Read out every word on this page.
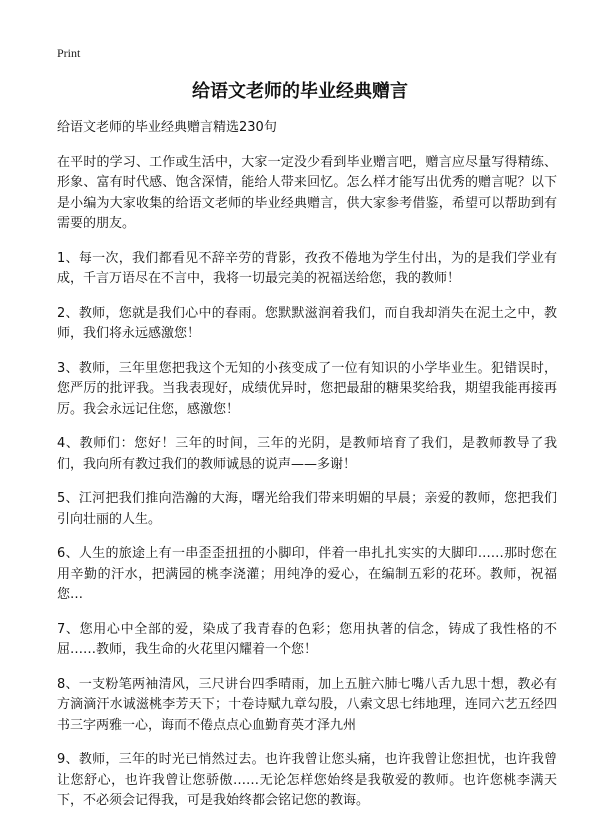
Print
给语文老师的毕业经典赠言

给语文老师的毕业经典赠言精选230句

在平时的学习、工作或生活中，大家一定没少看到毕业赠言吧，赠言应尽量写得精练、形象、富有时代感、饱含深情，能给人带来回忆。怎么样才能写出优秀的赠言呢？以下是小编为大家收集的给语文老师的毕业经典赠言，供大家参考借鉴，希望可以帮助到有需要的朋友。

1、每一次，我们都看见不辞辛劳的背影，孜孜不倦地为学生付出，为的是我们学业有成，千言万语尽在不言中，我将一切最完美的祝福送给您，我的教师！

2、教师，您就是我们心中的春雨。您默默滋润着我们，而自我却消失在泥土之中，教师，我们将永远感激您！

3、教师，三年里您把我这个无知的小孩变成了一位有知识的小学毕业生。犯错误时，您严厉的批评我。当我表现好，成绩优异时，您把最甜的糖果奖给我，期望我能再接再厉。我会永远记住您，感激您！

4、教师们：您好！三年的时间，三年的光阴，是教师培育了我们，是教师教导了我们，我向所有教过我们的教师诚恳的说声——多谢！

5、江河把我们推向浩瀚的大海，曙光给我们带来明媚的早晨；亲爱的教师，您把我们引向壮丽的人生。

6、人生的旅途上有一串歪歪扭扭的小脚印，伴着一串扎扎实实的大脚印……那时您在用辛勤的汗水，把满园的桃李浇灌；用纯净的爱心，在编制五彩的花环。教师，祝福您…

7、您用心中全部的爱，染成了我青春的色彩；您用执著的信念，铸成了我性格的不屈……教师，我生命的火花里闪耀着一个您！

8、一支粉笔两袖清风，三尺讲台四季晴雨，加上五脏六肺七嘴八舌九思十想，教必有方滴滴汗水诚滋桃李芳天下；十卷诗赋九章勾股，八索文思七纬地理，连同六艺五经四书三字两雅一心，诲而不倦点点心血勤育英才泽九州

9、教师，三年的时光已悄然过去。也许我曾让您头痛，也许我曾让您担忧，也许我曾让您舒心，也许我曾让您骄傲……无论怎样您始终是我敬爱的教师。也许您桃李满天下，不必须会记得我，可是我始终都会铭记您的教诲。
